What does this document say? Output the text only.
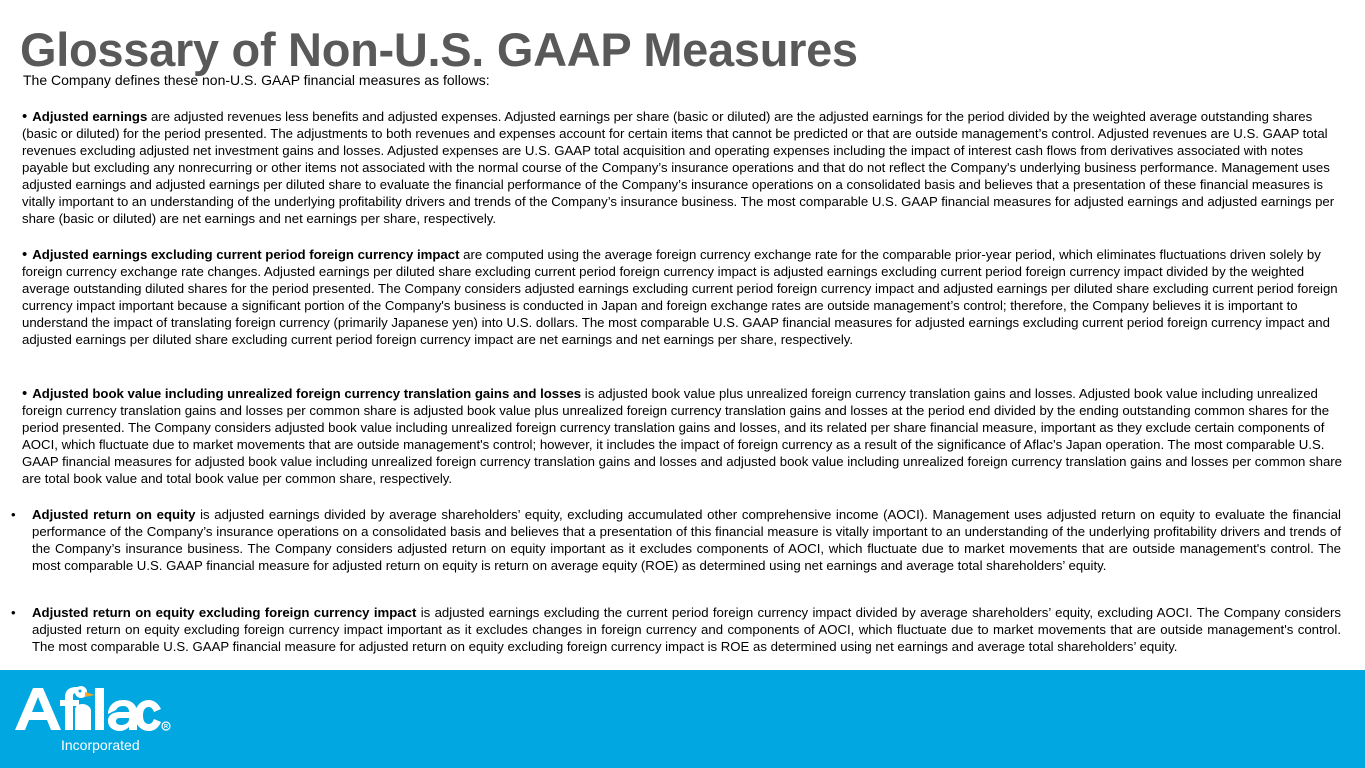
Glossary of Non-U.S. GAAP Measures
The Company defines these non-U.S. GAAP financial measures as follows:

• Adjusted earnings are adjusted revenues less benefits and adjusted expenses. Adjusted earnings per share (basic or diluted) are the adjusted earnings for the period divided by the weighted average outstanding shares (basic or diluted) for the period presented. The adjustments to both revenues and expenses account for certain items that cannot be predicted or that are outside management’s control. Adjusted revenues are U.S. GAAP total revenues excluding adjusted net investment gains and losses. Adjusted expenses are U.S. GAAP total acquisition and operating expenses including the impact of interest cash flows from derivatives associated with notes payable but excluding any nonrecurring or other items not associated with the normal course of the Company’s insurance operations and that do not reflect the Company's underlying business performance. Management uses adjusted earnings and adjusted earnings per diluted share to evaluate the financial performance of the Company’s insurance operations on a consolidated basis and believes that a presentation of these financial measures is vitally important to an understanding of the underlying profitability drivers and trends of the Company’s insurance business. The most comparable U.S. GAAP financial measures for adjusted earnings and adjusted earnings per share (basic or diluted) are net earnings and net earnings per share, respectively.

• Adjusted earnings excluding current period foreign currency impact are computed using the average foreign currency exchange rate for the comparable prior-year period, which eliminates fluctuations driven solely by foreign currency exchange rate changes. Adjusted earnings per diluted share excluding current period foreign currency impact is adjusted earnings excluding current period foreign currency impact divided by the weighted average outstanding diluted shares for the period presented. The Company considers adjusted earnings excluding current period foreign currency impact and adjusted earnings per diluted share excluding current period foreign currency impact important because a significant portion of the Company's business is conducted in Japan and foreign exchange rates are outside management’s control; therefore, the Company believes it is important to understand the impact of translating foreign currency (primarily Japanese yen) into U.S. dollars. The most comparable U.S. GAAP financial measures for adjusted earnings excluding current period foreign currency impact and adjusted earnings per diluted share excluding current period foreign currency impact are net earnings and net earnings per share, respectively.

• Adjusted book value including unrealized foreign currency translation gains and losses is adjusted book value plus unrealized foreign currency translation gains and losses. Adjusted book value including unrealized foreign currency translation gains and losses per common share is adjusted book value plus unrealized foreign currency translation gains and losses at the period end divided by the ending outstanding common shares for the period presented. The Company considers adjusted book value including unrealized foreign currency translation gains and losses, and its related per share financial measure, important as they exclude certain components of AOCI, which fluctuate due to market movements that are outside management's control; however, it includes the impact of foreign currency as a result of the significance of Aflac’s Japan operation. The most comparable U.S. GAAP financial measures for adjusted book value including unrealized foreign currency translation gains and losses and adjusted book value including unrealized foreign currency translation gains and losses per common share are total book value and total book value per common share, respectively.

• Adjusted return on equity is adjusted earnings divided by average shareholders’ equity, excluding accumulated other comprehensive income (AOCI). Management uses adjusted return on equity to evaluate the financial performance of the Company’s insurance operations on a consolidated basis and believes that a presentation of this financial measure is vitally important to an understanding of the underlying profitability drivers and trends of the Company’s insurance business. The Company considers adjusted return on equity important as it excludes components of AOCI, which fluctuate due to market movements that are outside management's control. The most comparable U.S. GAAP financial measure for adjusted return on equity is return on average equity (ROE) as determined using net earnings and average total shareholders’ equity.

• Adjusted return on equity excluding foreign currency impact is adjusted earnings excluding the current period foreign currency impact divided by average shareholders’ equity, excluding AOCI. The Company considers adjusted return on equity excluding foreign currency impact important as it excludes changes in foreign currency and components of AOCI, which fluctuate due to market movements that are outside management's control. The most comparable U.S. GAAP financial measure for adjusted return on equity excluding foreign currency impact is ROE as determined using net earnings and average total shareholders’ equity.

R
Incorporated
